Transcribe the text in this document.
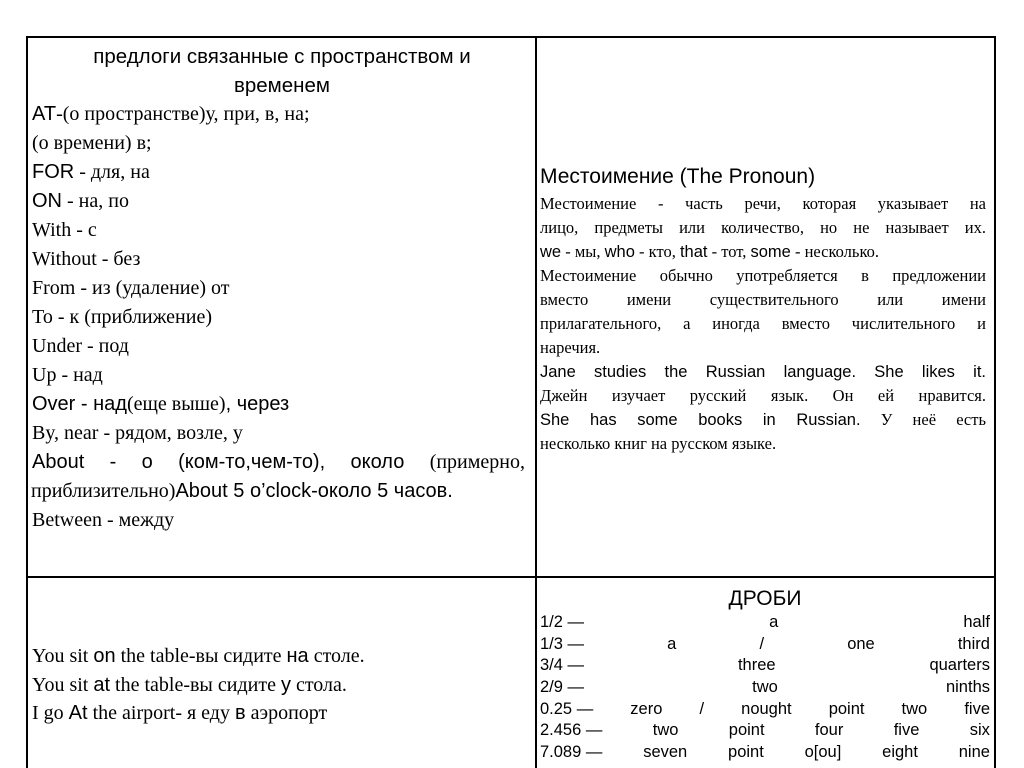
предлоги связанные с пространством и
временем
AT-(о пространстве)у, при, в, на;
(о времени) в;
FOR - для, на
ON - на, по
With - с
Without - без
From - из (удаление) от
To - к (приближение)
Under - под
Up - над
Over - над(еще выше), через
By, near - рядом, возле, у
About - о (ком-то,чем-то), около (примерно,
приблизительно)About 5 o’clock-около 5 часов.
Between - между
Местоимение (The Pronoun)
Местоимение - часть речи, которая указывает на
лицо, предметы или количество, но не называет их.
we - мы, who - кто, that - тот, some - несколько.
Местоимение обычно употребляется в предложении
вместо имени существительного или имени
прилагательного, а иногда вместо числительного и
наречия.
Jane studies the Russian language. She likes it.
Джейн изучает русский язык. Он ей нравится.
She has some books in Russian. У неё есть
несколько книг на русском языке.
You sit on the table-вы сидите на столе.
You sit at the table-вы сидите у стола.
I go At the airport- я еду в аэропорт
ДРОБИ
1/2 —	a	half
1/3 —	a	/	one	third
3/4 —	three	quarters
2/9 —	two	ninths
0.25 — zero / nought point two five
2.456 —	two	point	four	five	six
7.089 — seven point o[ou] eight nine
